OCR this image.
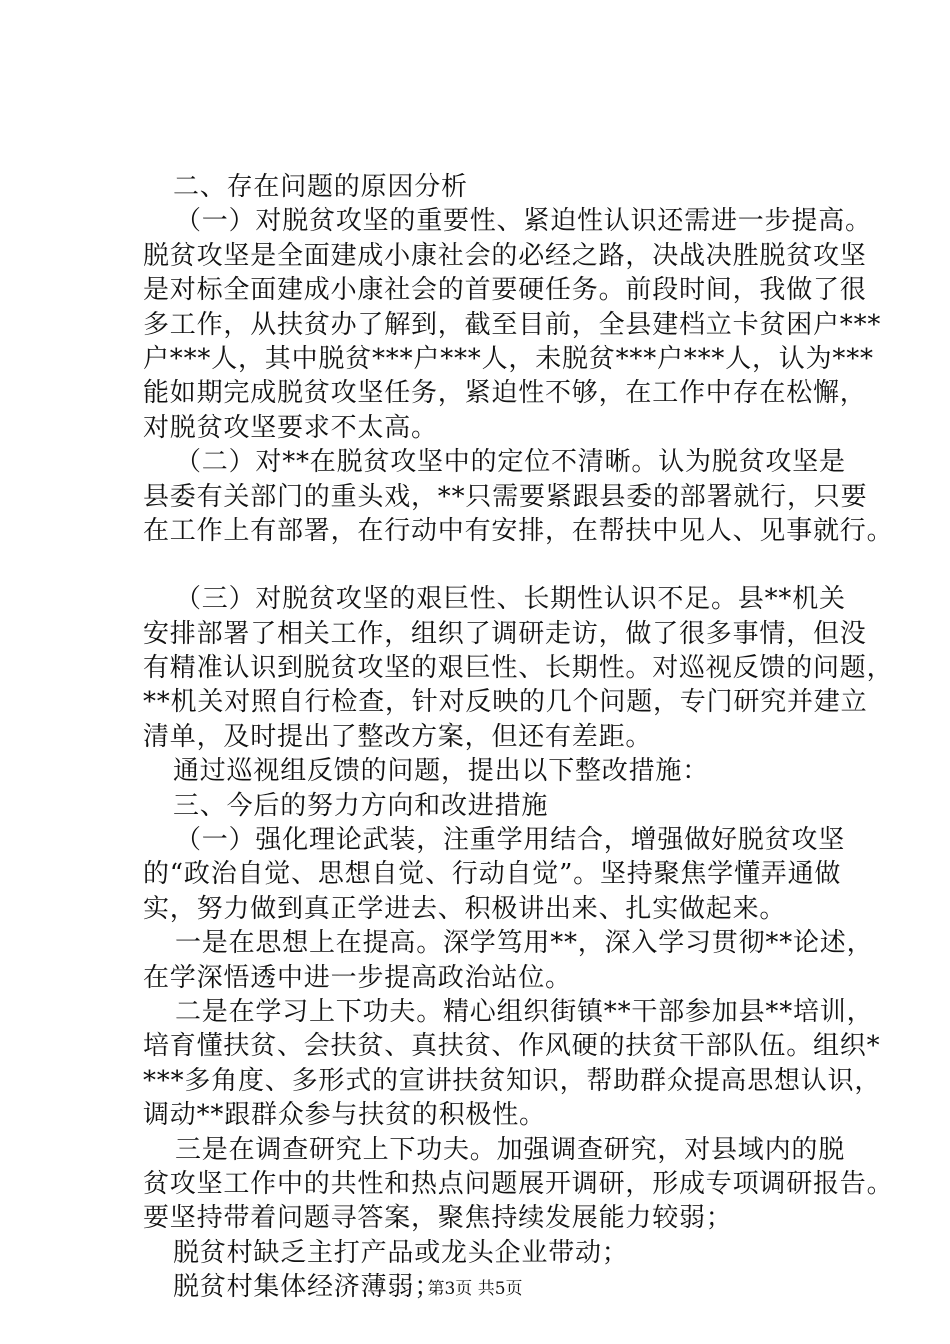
二、存在问题的原因分析
（一）对脱贫攻坚的重要性、紧迫性认识还需进一步提高。
脱贫攻坚是全面建成小康社会的必经之路，决战决胜脱贫攻坚
是对标全面建成小康社会的首要硬任务。前段时间，我做了很
多工作，从扶贫办了解到，截至目前，全县建档立卡贫困户***
户***人，其中脱贫***户***人，未脱贫***户***人，认为***
能如期完成脱贫攻坚任务，紧迫性不够，在工作中存在松懈，
对脱贫攻坚要求不太高。
（二）对**在脱贫攻坚中的定位不清晰。认为脱贫攻坚是
县委有关部门的重头戏，**只需要紧跟县委的部署就行，只要
在工作上有部署，在行动中有安排，在帮扶中见人、见事就行。
（三）对脱贫攻坚的艰巨性、长期性认识不足。县**机关
安排部署了相关工作，组织了调研走访，做了很多事情，但没
有精准认识到脱贫攻坚的艰巨性、长期性。对巡视反馈的问题，
**机关对照自行检查，针对反映的几个问题，专门研究并建立
清单，及时提出了整改方案，但还有差距。
通过巡视组反馈的问题，提出以下整改措施：
三、今后的努力方向和改进措施
（一）强化理论武装，注重学用结合，增强做好脱贫攻坚
的“政治自觉、思想自觉、行动自觉”。坚持聚焦学懂弄通做
实，努力做到真正学进去、积极讲出来、扎实做起来。
一是在思想上在提高。深学笃用**，深入学习贯彻**论述，
在学深悟透中进一步提高政治站位。
二是在学习上下功夫。精心组织街镇**干部参加县**培训，
培育懂扶贫、会扶贫、真扶贫、作风硬的扶贫干部队伍。组织*
***多角度、多形式的宣讲扶贫知识，帮助群众提高思想认识，
调动**跟群众参与扶贫的积极性。
三是在调查研究上下功夫。加强调查研究，对县域内的脱
贫攻坚工作中的共性和热点问题展开调研，形成专项调研报告。
要坚持带着问题寻答案，聚焦持续发展能力较弱；
脱贫村缺乏主打产品或龙头企业带动；
脱贫村集体经济薄弱；
第3页 共5页
